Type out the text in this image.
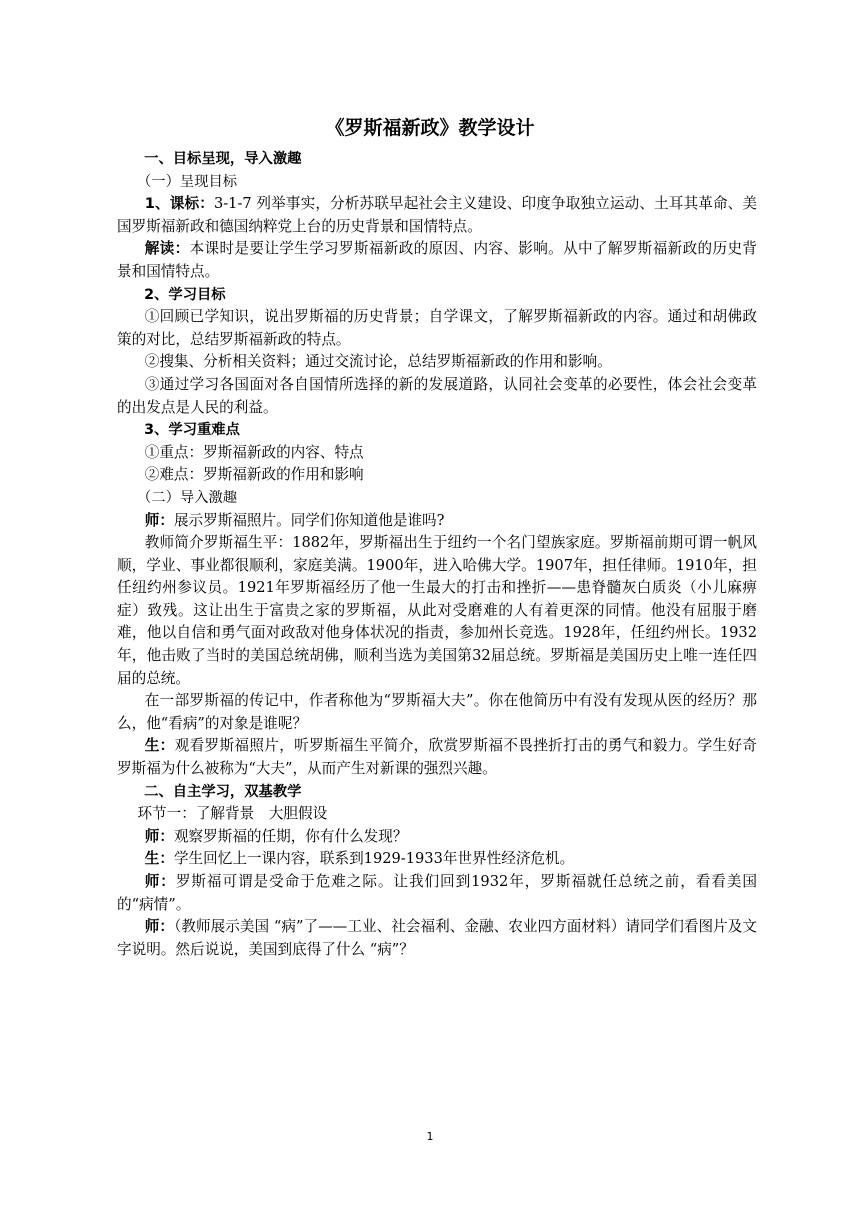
《罗斯福新政》教学设计

一、目标呈现，导入激趣

（一）呈现目标

1、课标：3-1-7 列举事实，分析苏联早起社会主义建设、印度争取独立运动、土耳其革命、美国罗斯福新政和德国纳粹党上台的历史背景和国情特点。

解读：本课时是要让学生学习罗斯福新政的原因、内容、影响。从中了解罗斯福新政的历史背景和国情特点。

2、学习目标

①回顾已学知识，说出罗斯福的历史背景；自学课文，了解罗斯福新政的内容。通过和胡佛政策的对比，总结罗斯福新政的特点。

②搜集、分析相关资料；通过交流讨论，总结罗斯福新政的作用和影响。

③通过学习各国面对各自国情所选择的新的发展道路，认同社会变革的必要性，体会社会变革的出发点是人民的利益。

3、学习重难点

①重点：罗斯福新政的内容、特点

②难点：罗斯福新政的作用和影响

（二）导入激趣

师：展示罗斯福照片。同学们你知道他是谁吗?

教师简介罗斯福生平：1882年，罗斯福出生于纽约一个名门望族家庭。罗斯福前期可谓一帆风顺，学业、事业都很顺利，家庭美满。1900年，进入哈佛大学。1907年，担任律师。1910年，担任纽约州参议员。1921年罗斯福经历了他一生最大的打击和挫折——患脊髓灰白质炎（小儿麻痹症）致残。这让出生于富贵之家的罗斯福，从此对受磨难的人有着更深的同情。他没有屈服于磨难，他以自信和勇气面对政敌对他身体状况的指责，参加州长竞选。1928年，任纽约州长。1932年，他击败了当时的美国总统胡佛，顺利当选为美国第32届总统。罗斯福是美国历史上唯一连任四届的总统。

在一部罗斯福的传记中，作者称他为“罗斯福大夫”。你在他简历中有没有发现从医的经历？那么，他“看病”的对象是谁呢？

生：观看罗斯福照片，听罗斯福生平简介，欣赏罗斯福不畏挫折打击的勇气和毅力。学生好奇罗斯福为什么被称为“大夫”，从而产生对新课的强烈兴趣。

二、自主学习，双基教学

环节一：了解背景　大胆假设

师：观察罗斯福的任期，你有什么发现？

生：学生回忆上一课内容，联系到1929-1933年世界性经济危机。

师：罗斯福可谓是受命于危难之际。让我们回到1932年，罗斯福就任总统之前，看看美国的“病情”。

师：（教师展示美国 “病”了——工业、社会福利、金融、农业四方面材料）请同学们看图片及文字说明。然后说说，美国到底得了什么 “病”？

1
